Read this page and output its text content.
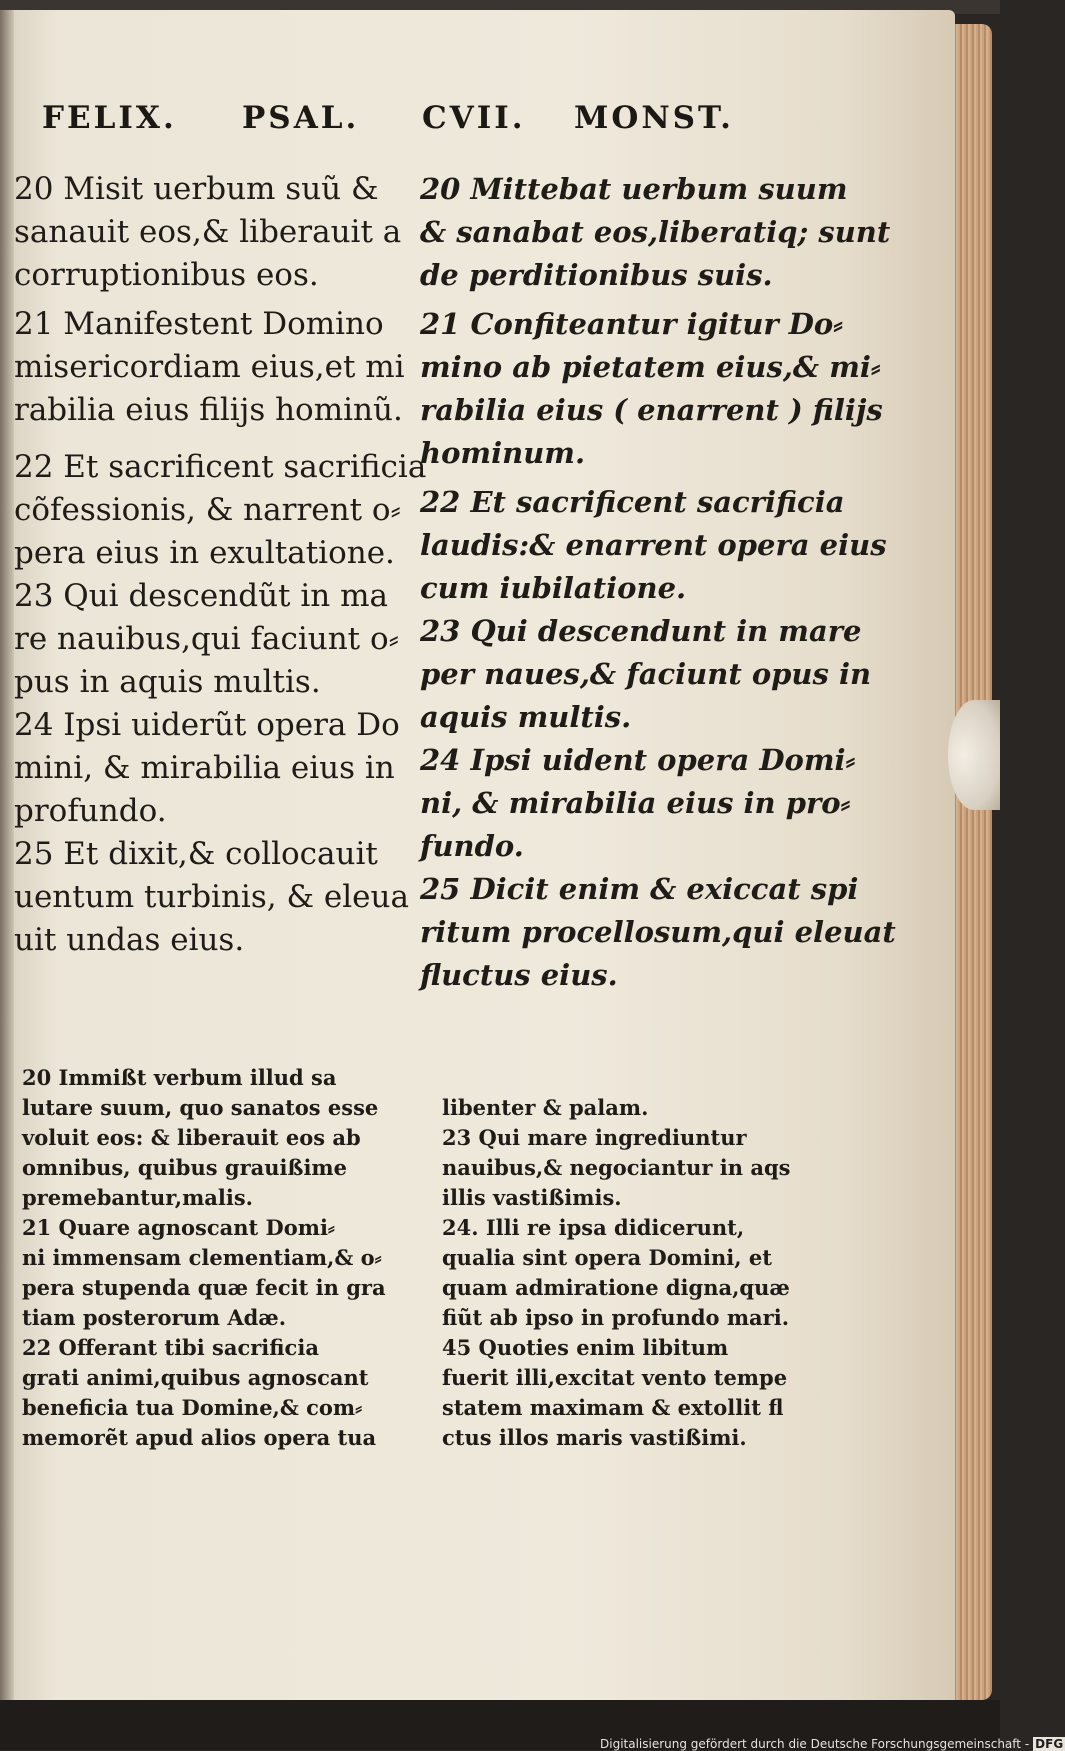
FELIX. PSAL. CVII. MONST.
20 Misit uerbum suũ &
sanauit eos,& liberauit a
corruptionibus eos.
21 Manifestent Domino
misericordiam eius,et mi
rabilia eius filijs hominũ.
22 Et sacrificent sacrificia
cõfessionis, & narrent o⸗
pera eius in exultatione.
23 Qui descendũt in ma
re nauibus,qui faciunt o⸗
pus in aquis multis.
24 Ipsi uiderũt opera Do
mini, & mirabilia eius in
profundo.
25 Et dixit,& collocauit
uentum turbinis, & eleua
uit undas eius.
20 Mittebat uerbum suum
& sanabat eos,liberatiq; sunt
de perditionibus suis.
21 Confiteantur igitur Do⸗
mino ab pietatem eius,& mi⸗
rabilia eius ( enarrent ) filijs
hominum.
22 Et sacrificent sacrificia
laudis:& enarrent opera eius
cum iubilatione.
23 Qui descendunt in mare
per naues,& faciunt opus in
aquis multis.
24 Ipsi uident opera Domi⸗
ni, & mirabilia eius in pro⸗
fundo.
25 Dicit enim & exiccat spi
ritum procellosum,qui eleuat
fluctus eius.
20 Immißt verbum illud sa
lutare suum, quo sanatos esse
voluit eos: & liberauit eos ab
omnibus, quibus grauißime
premebantur,malis.
21 Quare agnoscant Domi⸗
ni immensam clementiam,& o⸗
pera stupenda quæ fecit in gra
tiam posterorum Adæ.
22 Offerant tibi sacrificia
grati animi,quibus agnoscant
beneficia tua Domine,& com⸗
memorẽt apud alios opera tua
libenter & palam.
23 Qui mare ingrediuntur
nauibus,& negociantur in aqs
illis vastißimis.
24. Illi re ipsa didicerunt,
qualia sint opera Domini, et
quam admiratione digna,quæ
fiũt ab ipso in profundo mari.
45 Quoties enim libitum
fuerit illi,excitat vento tempe
statem maximam & extollit fl
ctus illos maris vastißimi.
Digitalisierung gefördert durch die Deutsche Forschungsgemeinschaft - DFG
